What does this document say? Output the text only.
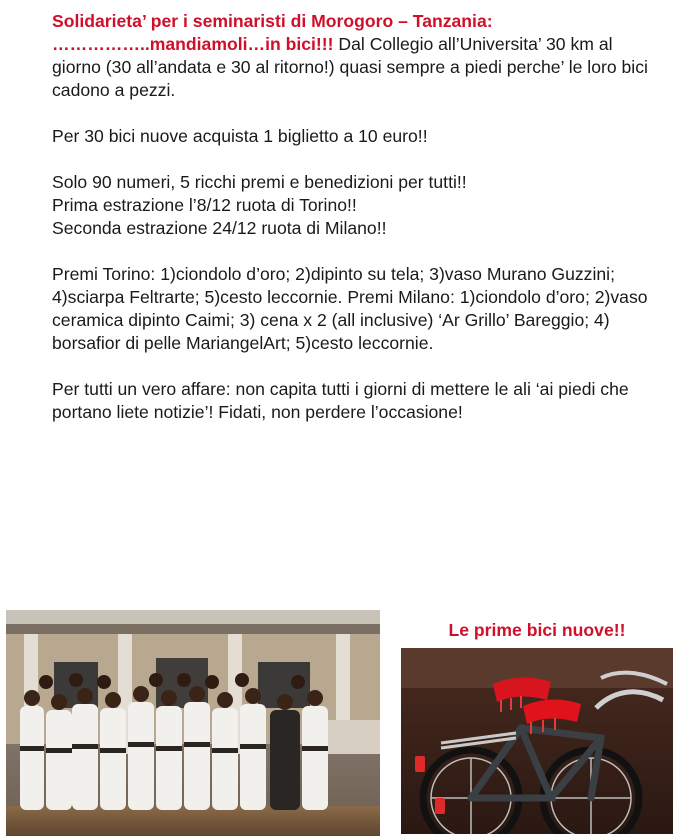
Solidarieta’ per i seminaristi di Morogoro – Tanzania:
……………..mandiamoli…in bici!!! Dal Collegio all’Universita’ 30 km al giorno (30 all’andata e 30 al ritorno!) quasi sempre a piedi perche’ le loro bici cadono a pezzi.

Per 30 bici nuove acquista 1 biglietto a 10 euro!!

Solo 90 numeri, 5 ricchi premi e benedizioni per tutti!!
Prima estrazione l’8/12 ruota di Torino!!
Seconda estrazione 24/12 ruota di Milano!!

Premi Torino: 1)ciondolo d’oro; 2)dipinto su tela; 3)vaso Murano Guzzini; 4)sciarpa Feltrarte; 5)cesto leccornie. Premi Milano: 1)ciondolo d’oro; 2)vaso ceramica dipinto Caimi; 3) cena x 2 (all inclusive) ‘Ar Grillo’ Bareggio; 4) borsafior di pelle MariangelArt; 5)cesto leccornie.

Per tutti un vero affare: non capita tutti i giorni di mettere le ali ‘ai piedi che portano liete notizie’! Fidati, non perdere l’occasione!

Le prime bici nuove!!
